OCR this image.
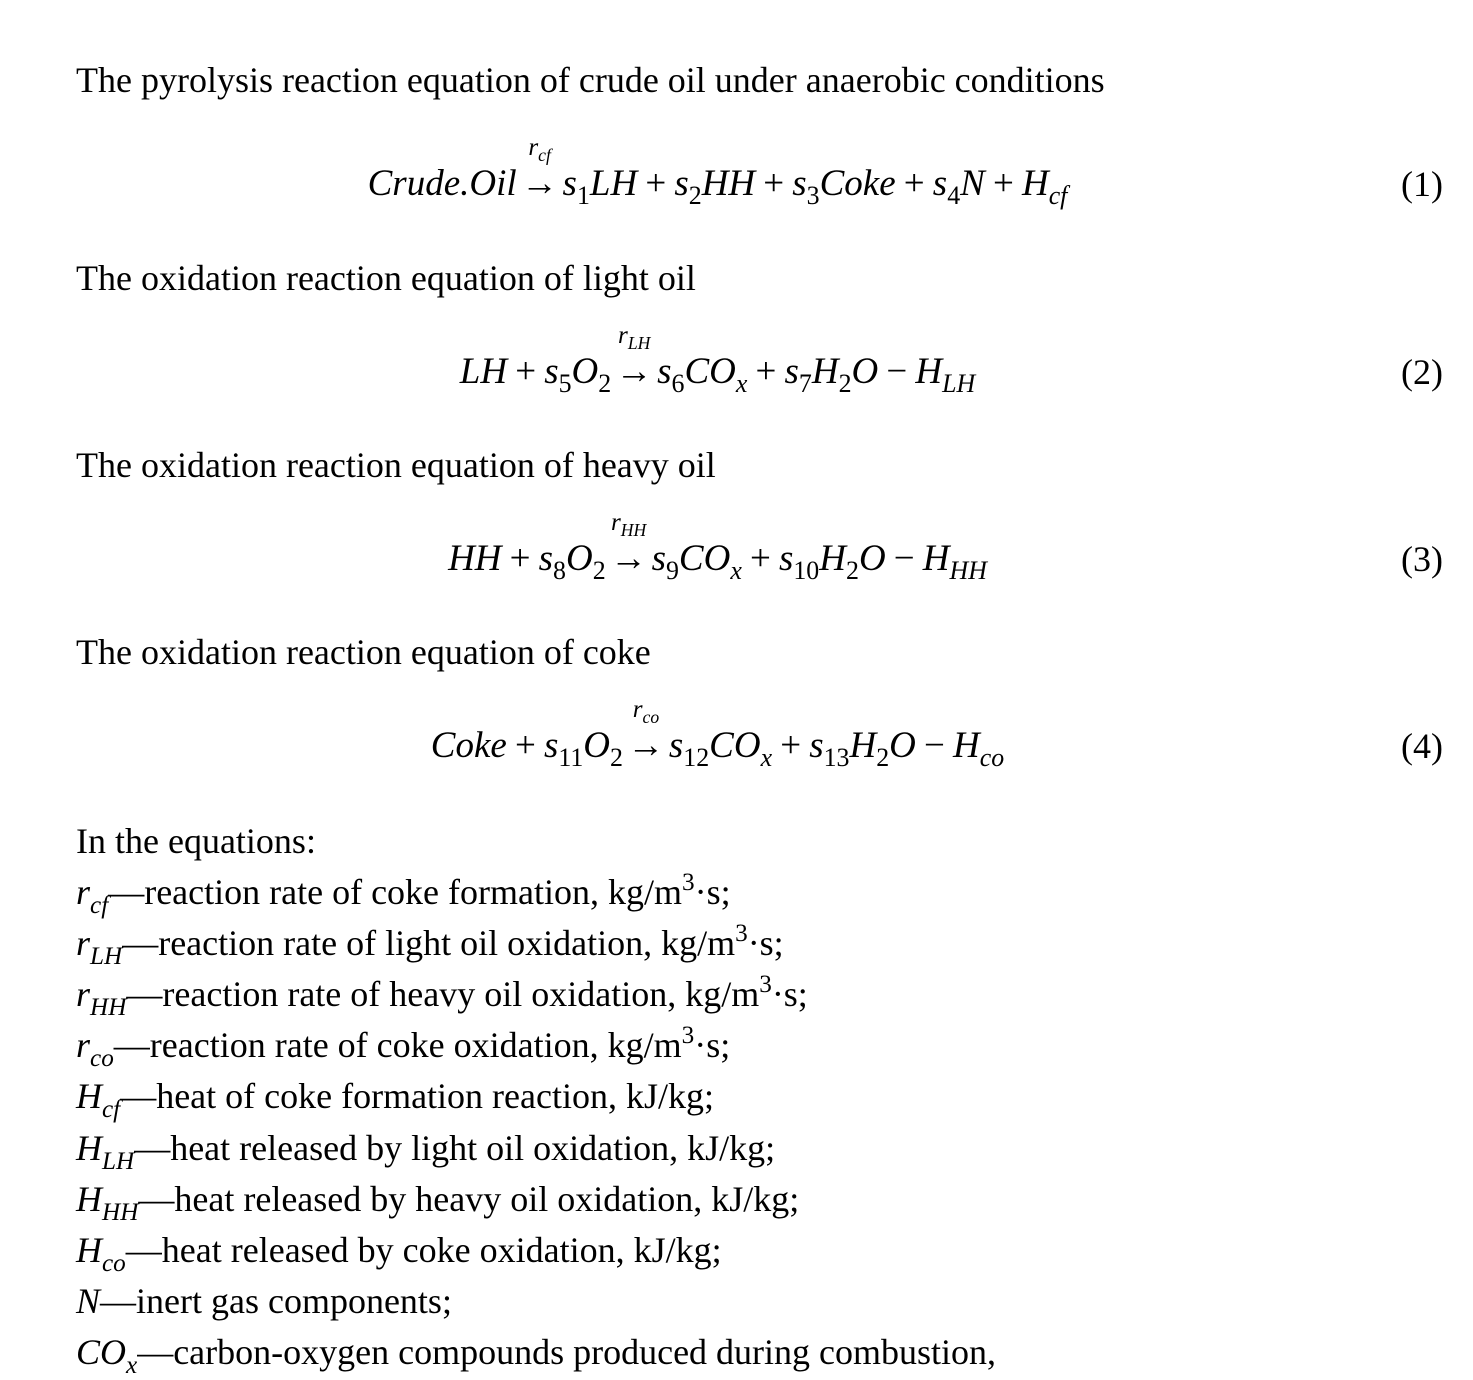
The pyrolysis reaction equation of crude oil under anaerobic conditions
Crude.Oil
$r_{cf}$
→ $s_1LH + s_2HH$ + $s_3Coke + s_4N + H_{cf}$	(1)
The oxidation reaction equation of light oil
LH + $s_5O_2$
$r_{LH}$
→ $s_6CO_x + s_7H_2O - H_{LH}$	(2)
The oxidation reaction equation of heavy oil
HH + $s_8O_2$
$r_{HH}$
→ $s_9CO_x + s_{10}H_2O - H_{HH}$	(3)
The oxidation reaction equation of coke
Coke + $s_{11}O_2$
$r_{co}$
→ $s_{12}CO_x + s_{13}H_2O - H_{co}$	(4)
In the equations:
$r_{cf}—reaction$ rate of coke formation, $kg/m^3\cdot s$;
$r_{LH}—reaction$ rate of light oil oxidation, $kg/m^3\cdot s$;
$r_{HH}—reaction$ rate of heavy oil oxidation, $kg/m^3\cdot s$;
$r_{co}—reaction$ rate of coke oxidation, $kg/m^3\cdot s$;
$H_{cf}—heat$ of coke formation reaction, kJ/kg;
$H_{LH}—heat$ released by light oil oxidation, kJ/kg;
$H_{HH}—heat$ released by heavy oil oxidation, kJ/kg;
$H_{co}—heat$ released by coke oxidation, kJ/kg;
N—inert gas components;
$CO_x—carbon$-oxygen compounds produced during combustion,
